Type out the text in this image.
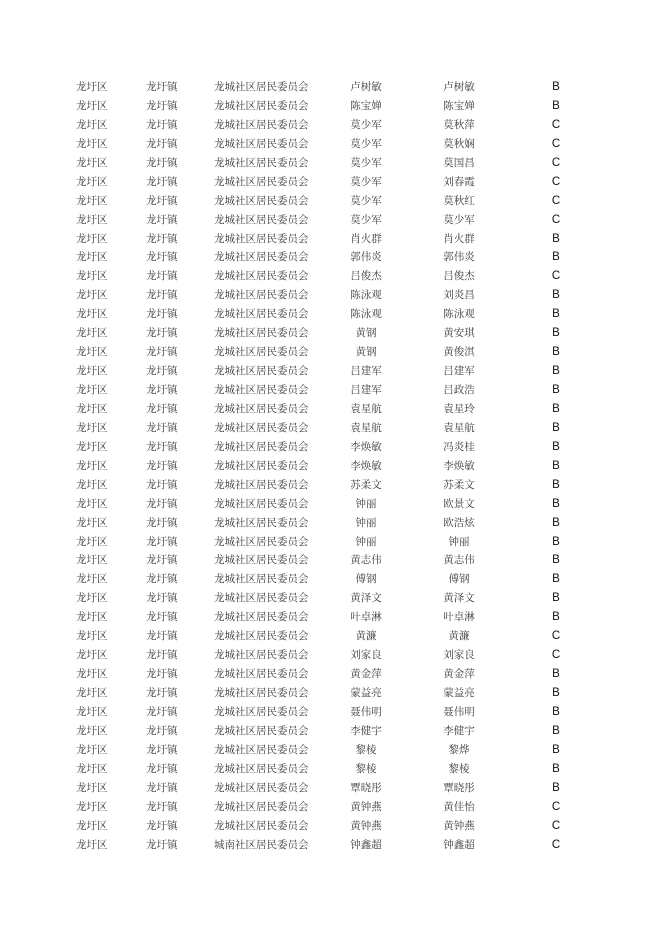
龙圩区	龙圩镇	龙城社区居民委员会	卢树敏	卢树敏	B
龙圩区	龙圩镇	龙城社区居民委员会	陈宝婵	陈宝婵	B
龙圩区	龙圩镇	龙城社区居民委员会	莫少军	莫秋萍	C
龙圩区	龙圩镇	龙城社区居民委员会	莫少军	莫秋娴	C
龙圩区	龙圩镇	龙城社区居民委员会	莫少军	莫国昌	C
龙圩区	龙圩镇	龙城社区居民委员会	莫少军	刘春霞	C
龙圩区	龙圩镇	龙城社区居民委员会	莫少军	莫秋红	C
龙圩区	龙圩镇	龙城社区居民委员会	莫少军	莫少军	C
龙圩区	龙圩镇	龙城社区居民委员会	肖火群	肖火群	B
龙圩区	龙圩镇	龙城社区居民委员会	郭伟炎	郭伟炎	B
龙圩区	龙圩镇	龙城社区居民委员会	吕俊杰	吕俊杰	C
龙圩区	龙圩镇	龙城社区居民委员会	陈泳观	刘炎昌	B
龙圩区	龙圩镇	龙城社区居民委员会	陈泳观	陈泳观	B
龙圩区	龙圩镇	龙城社区居民委员会	黄钢	黄安琪	B
龙圩区	龙圩镇	龙城社区居民委员会	黄钢	黄俊淇	B
龙圩区	龙圩镇	龙城社区居民委员会	吕建军	吕建军	B
龙圩区	龙圩镇	龙城社区居民委员会	吕建军	吕政浩	B
龙圩区	龙圩镇	龙城社区居民委员会	袁星航	袁星玲	B
龙圩区	龙圩镇	龙城社区居民委员会	袁星航	袁星航	B
龙圩区	龙圩镇	龙城社区居民委员会	李焕敏	冯炎桂	B
龙圩区	龙圩镇	龙城社区居民委员会	李焕敏	李焕敏	B
龙圩区	龙圩镇	龙城社区居民委员会	苏柔文	苏柔文	B
龙圩区	龙圩镇	龙城社区居民委员会	钟丽	欧景文	B
龙圩区	龙圩镇	龙城社区居民委员会	钟丽	欧浩炫	B
龙圩区	龙圩镇	龙城社区居民委员会	钟丽	钟丽	B
龙圩区	龙圩镇	龙城社区居民委员会	黄志伟	黄志伟	B
龙圩区	龙圩镇	龙城社区居民委员会	傅钢	傅钢	B
龙圩区	龙圩镇	龙城社区居民委员会	黄泽文	黄泽文	B
龙圩区	龙圩镇	龙城社区居民委员会	叶卓淋	叶卓淋	B
龙圩区	龙圩镇	龙城社区居民委员会	黄濂	黄濂	C
龙圩区	龙圩镇	龙城社区居民委员会	刘家良	刘家良	C
龙圩区	龙圩镇	龙城社区居民委员会	黄金萍	黄金萍	B
龙圩区	龙圩镇	龙城社区居民委员会	蒙益亮	蒙益亮	B
龙圩区	龙圩镇	龙城社区居民委员会	聂伟明	聂伟明	B
龙圩区	龙圩镇	龙城社区居民委员会	李健宇	李健宇	B
龙圩区	龙圩镇	龙城社区居民委员会	黎棱	黎烨	B
龙圩区	龙圩镇	龙城社区居民委员会	黎棱	黎棱	B
龙圩区	龙圩镇	龙城社区居民委员会	覃晓彤	覃晓彤	B
龙圩区	龙圩镇	龙城社区居民委员会	黄钟燕	黄佳怡	C
龙圩区	龙圩镇	龙城社区居民委员会	黄钟燕	黄钟燕	C
龙圩区	龙圩镇	城南社区居民委员会	钟鑫超	钟鑫超	C
